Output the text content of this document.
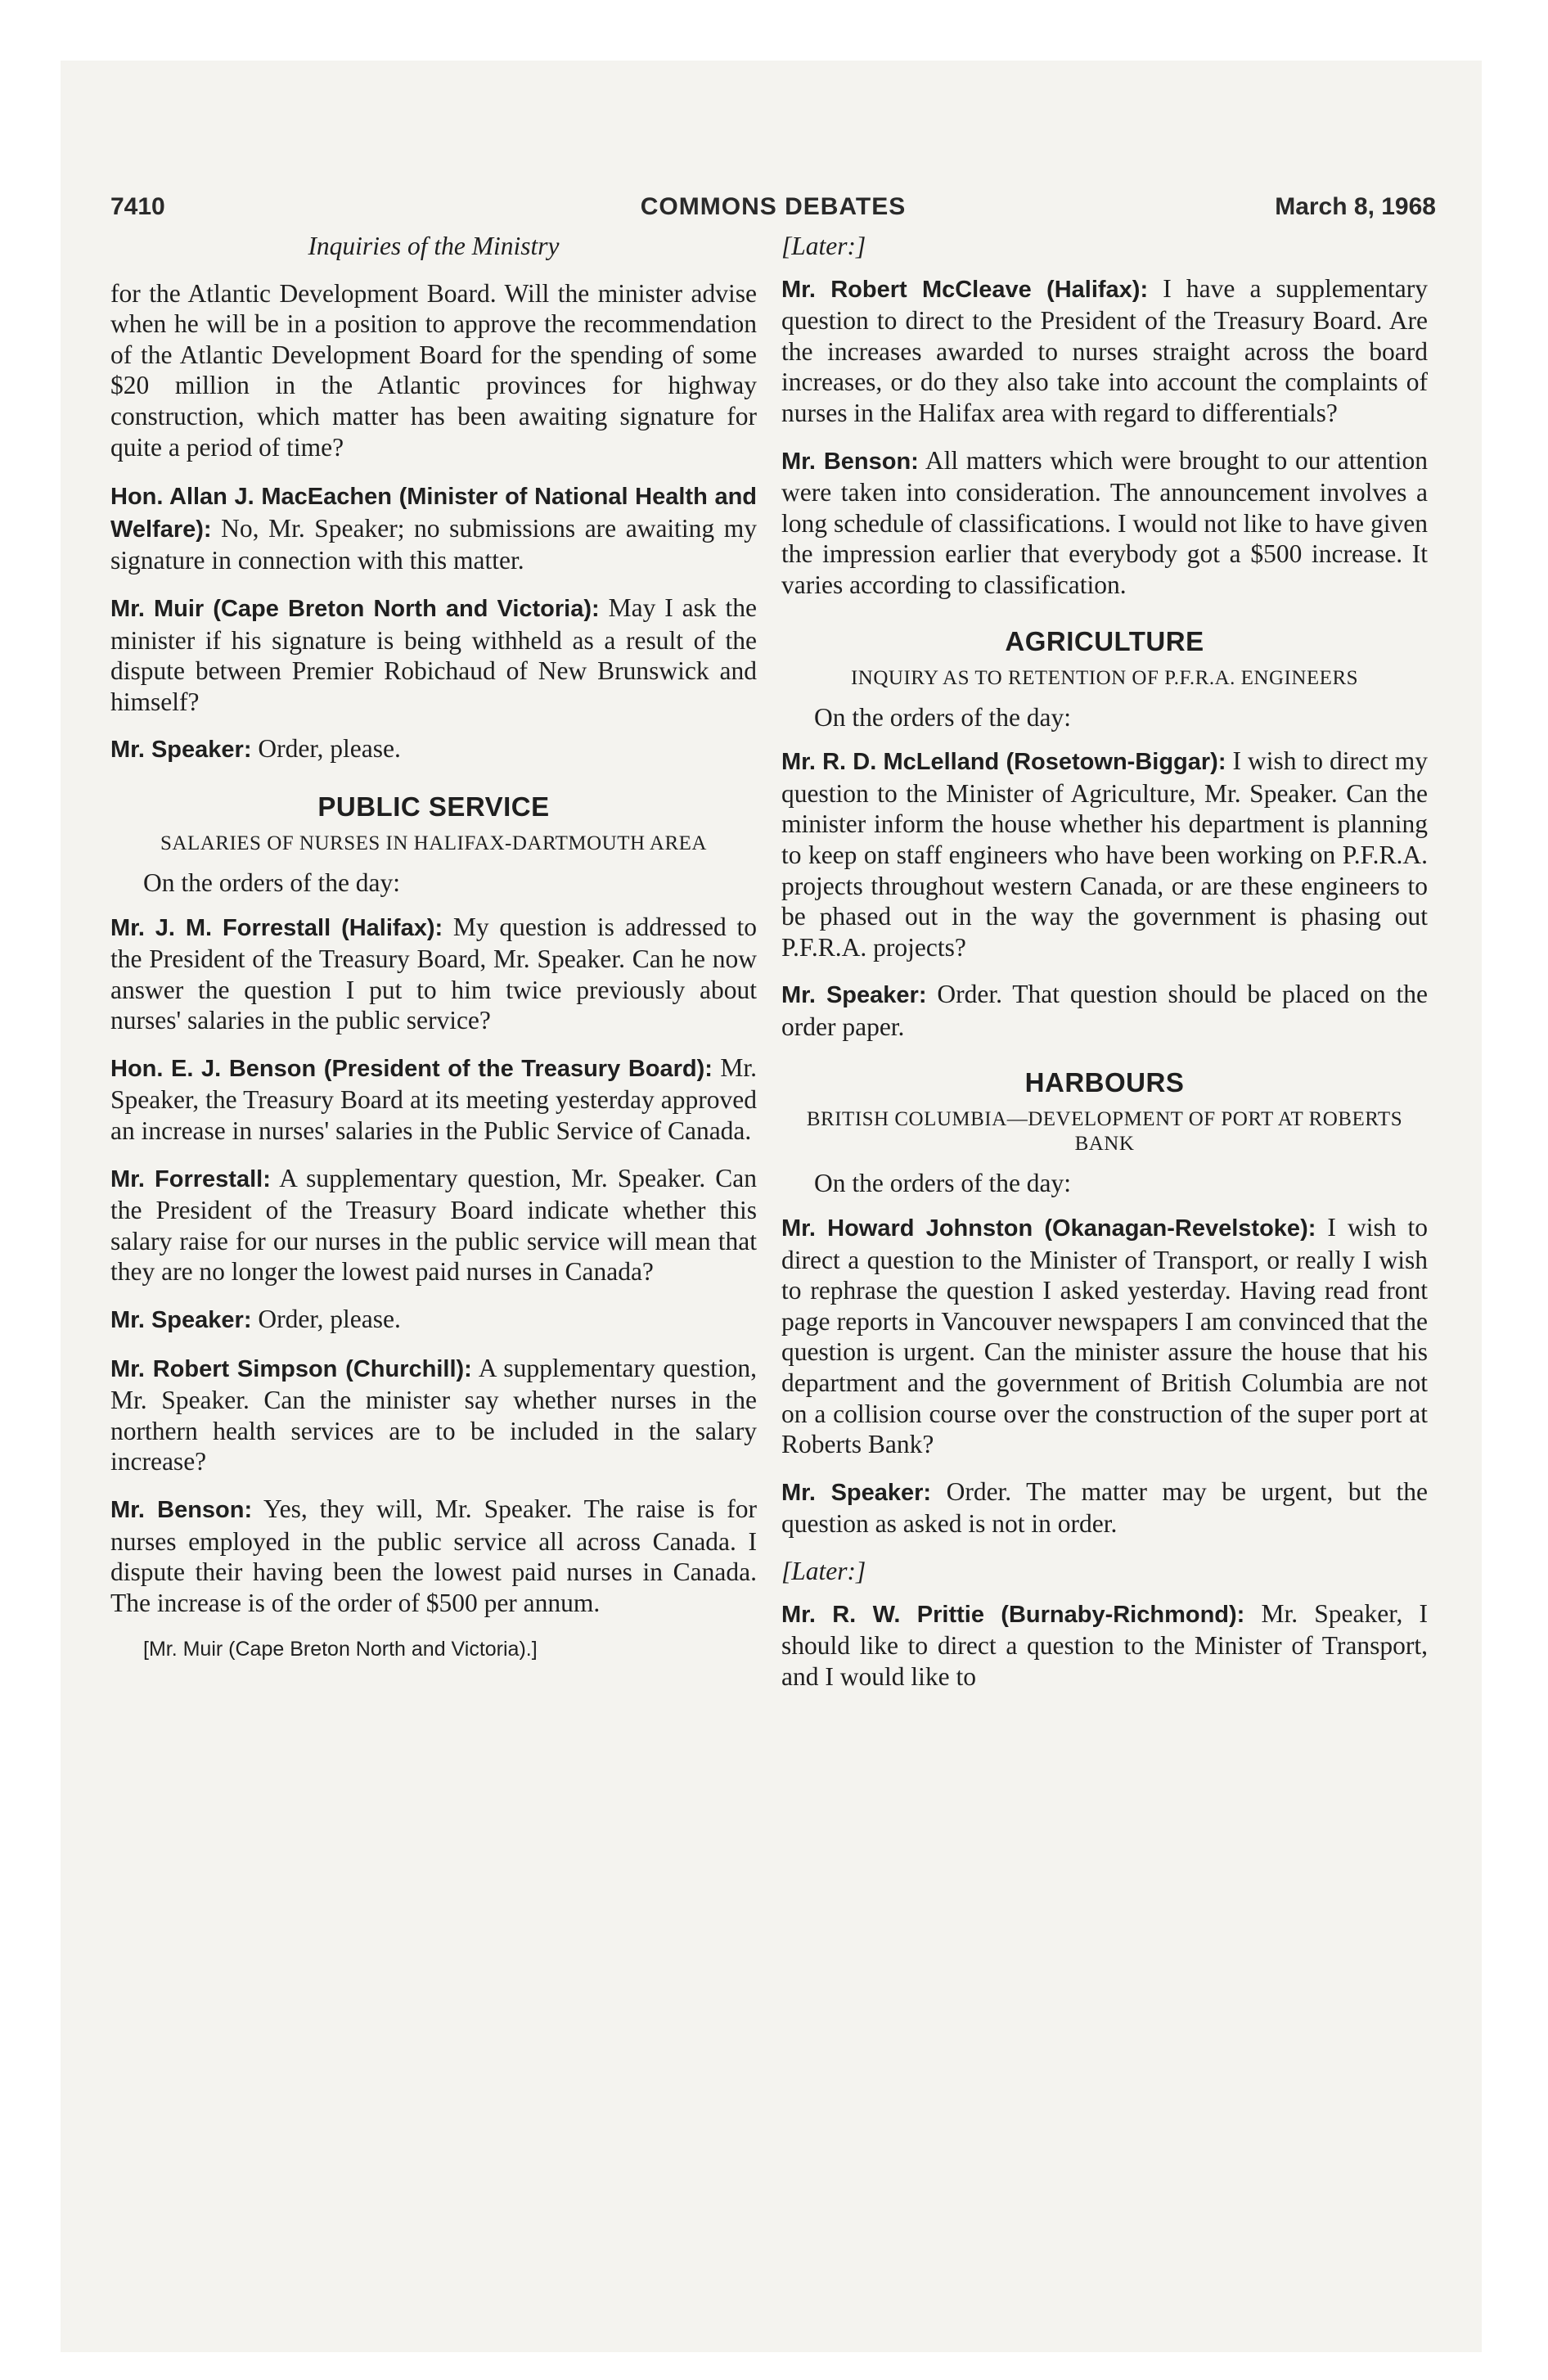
7410	COMMONS DEBATES	March 8, 1968

Inquiries of the Ministry

for the Atlantic Development Board. Will the minister advise when he will be in a position to approve the recommendation of the Atlantic Development Board for the spending of some $20 million in the Atlantic provinces for highway construction, which matter has been awaiting signature for quite a period of time?

Hon. Allan J. MacEachen (Minister of National Health and Welfare): No, Mr. Speaker; no submissions are awaiting my signature in connection with this matter.

Mr. Muir (Cape Breton North and Victoria): May I ask the minister if his signature is being withheld as a result of the dispute between Premier Robichaud of New Brunswick and himself?

Mr. Speaker: Order, please.

PUBLIC SERVICE
SALARIES OF NURSES IN HALIFAX-DARTMOUTH AREA

On the orders of the day:

Mr. J. M. Forrestall (Halifax): My question is addressed to the President of the Treasury Board, Mr. Speaker. Can he now answer the question I put to him twice previously about nurses' salaries in the public service?

Hon. E. J. Benson (President of the Treasury Board): Mr. Speaker, the Treasury Board at its meeting yesterday approved an increase in nurses' salaries in the Public Service of Canada.

Mr. Forrestall: A supplementary question, Mr. Speaker. Can the President of the Treasury Board indicate whether this salary raise for our nurses in the public service will mean that they are no longer the lowest paid nurses in Canada?

Mr. Speaker: Order, please.

Mr. Robert Simpson (Churchill): A supplementary question, Mr. Speaker. Can the minister say whether nurses in the northern health services are to be included in the salary increase?

Mr. Benson: Yes, they will, Mr. Speaker. The raise is for nurses employed in the public service all across Canada. I dispute their having been the lowest paid nurses in Canada. The increase is of the order of $500 per annum.

[Mr. Muir (Cape Breton North and Victoria).]

[Later:]

Mr. Robert McCleave (Halifax): I have a supplementary question to direct to the President of the Treasury Board. Are the increases awarded to nurses straight across the board increases, or do they also take into account the complaints of nurses in the Halifax area with regard to differentials?

Mr. Benson: All matters which were brought to our attention were taken into consideration. The announcement involves a long schedule of classifications. I would not like to have given the impression earlier that everybody got a $500 increase. It varies according to classification.

AGRICULTURE
INQUIRY AS TO RETENTION OF P.F.R.A. ENGINEERS

On the orders of the day:

Mr. R. D. McLelland (Rosetown-Biggar): I wish to direct my question to the Minister of Agriculture, Mr. Speaker. Can the minister inform the house whether his department is planning to keep on staff engineers who have been working on P.F.R.A. projects throughout western Canada, or are these engineers to be phased out in the way the government is phasing out P.F.R.A. projects?

Mr. Speaker: Order. That question should be placed on the order paper.

HARBOURS
BRITISH COLUMBIA—DEVELOPMENT OF PORT AT ROBERTS BANK

On the orders of the day:

Mr. Howard Johnston (Okanagan-Revelstoke): I wish to direct a question to the Minister of Transport, or really I wish to rephrase the question I asked yesterday. Having read front page reports in Vancouver newspapers I am convinced that the question is urgent. Can the minister assure the house that his department and the government of British Columbia are not on a collision course over the construction of the super port at Roberts Bank?

Mr. Speaker: Order. The matter may be urgent, but the question as asked is not in order.

[Later:]

Mr. R. W. Prittie (Burnaby-Richmond): Mr. Speaker, I should like to direct a question to the Minister of Transport, and I would like to
